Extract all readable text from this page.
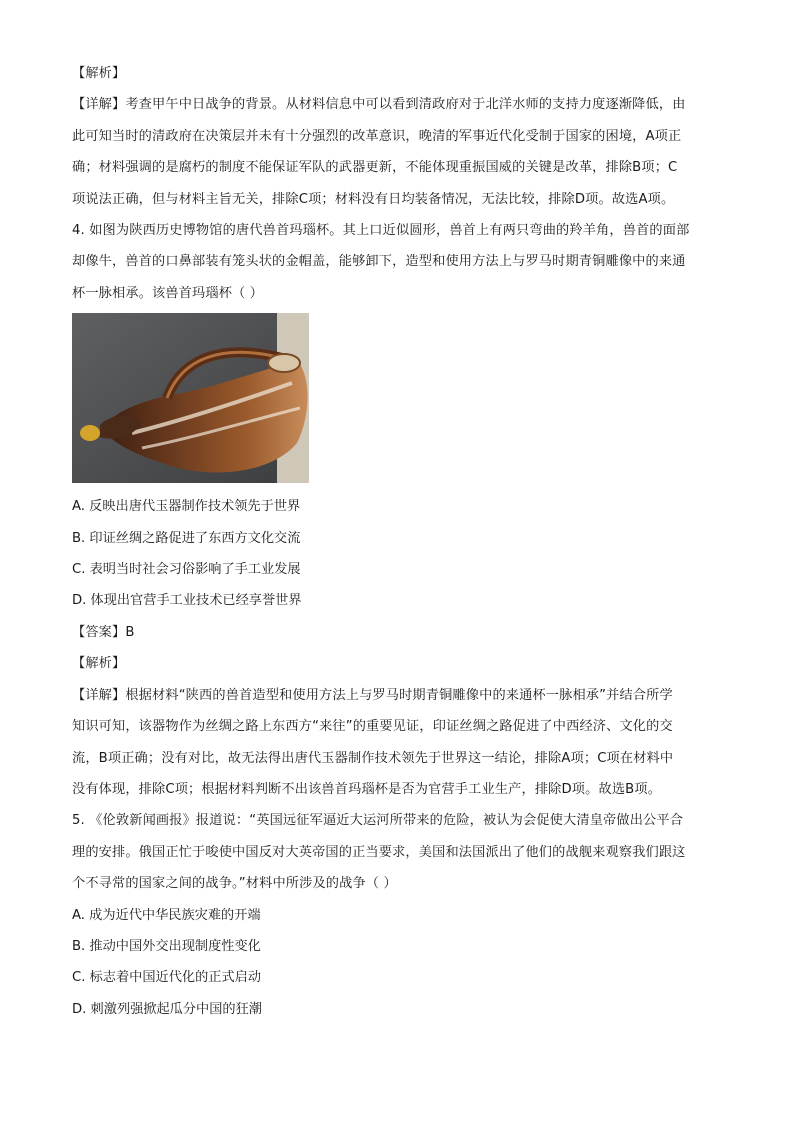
【解析】
【详解】考查甲午中日战争的背景。从材料信息中可以看到清政府对于北洋水师的支持力度逐渐降低，由
此可知当时的清政府在决策层并未有十分强烈的改革意识，晚清的军事近代化受制于国家的困境，A项正
确；材料强调的是腐朽的制度不能保证军队的武器更新，不能体现重振国威的关键是改革，排除B项；C
项说法正确，但与材料主旨无关，排除C项；材料没有日均装备情况，无法比较，排除D项。故选A项。
4. 如图为陕西历史博物馆的唐代兽首玛瑙杯。其上口近似圆形，兽首上有两只弯曲的羚羊角，兽首的面部
却像牛，兽首的口鼻部装有笼头状的金帽盖，能够卸下，造型和使用方法上与罗马时期青铜雕像中的来通
杯一脉相承。该兽首玛瑙杯（ ）
A. 反映出唐代玉器制作技术领先于世界
B. 印证丝绸之路促进了东西方文化交流
C. 表明当时社会习俗影响了手工业发展
D. 体现出官营手工业技术已经享誉世界
【答案】B
【解析】
【详解】根据材料“陕西的兽首造型和使用方法上与罗马时期青铜雕像中的来通杯一脉相承”并结合所学
知识可知，该器物作为丝绸之路上东西方“来往”的重要见证，印证丝绸之路促进了中西经济、文化的交
流，B项正确；没有对比，故无法得出唐代玉器制作技术领先于世界这一结论，排除A项；C项在材料中
没有体现，排除C项；根据材料判断不出该兽首玛瑙杯是否为官营手工业生产，排除D项。故选B项。
5. 《伦敦新闻画报》报道说：“英国远征军逼近大运河所带来的危险，被认为会促使大清皇帝做出公平合
理的安排。俄国正忙于唆使中国反对大英帝国的正当要求，美国和法国派出了他们的战舰来观察我们跟这
个不寻常的国家之间的战争。”材料中所涉及的战争（ ）
A. 成为近代中华民族灾难的开端
B. 推动中国外交出现制度性变化
C. 标志着中国近代化的正式启动
D. 刺激列强掀起瓜分中国的狂潮
